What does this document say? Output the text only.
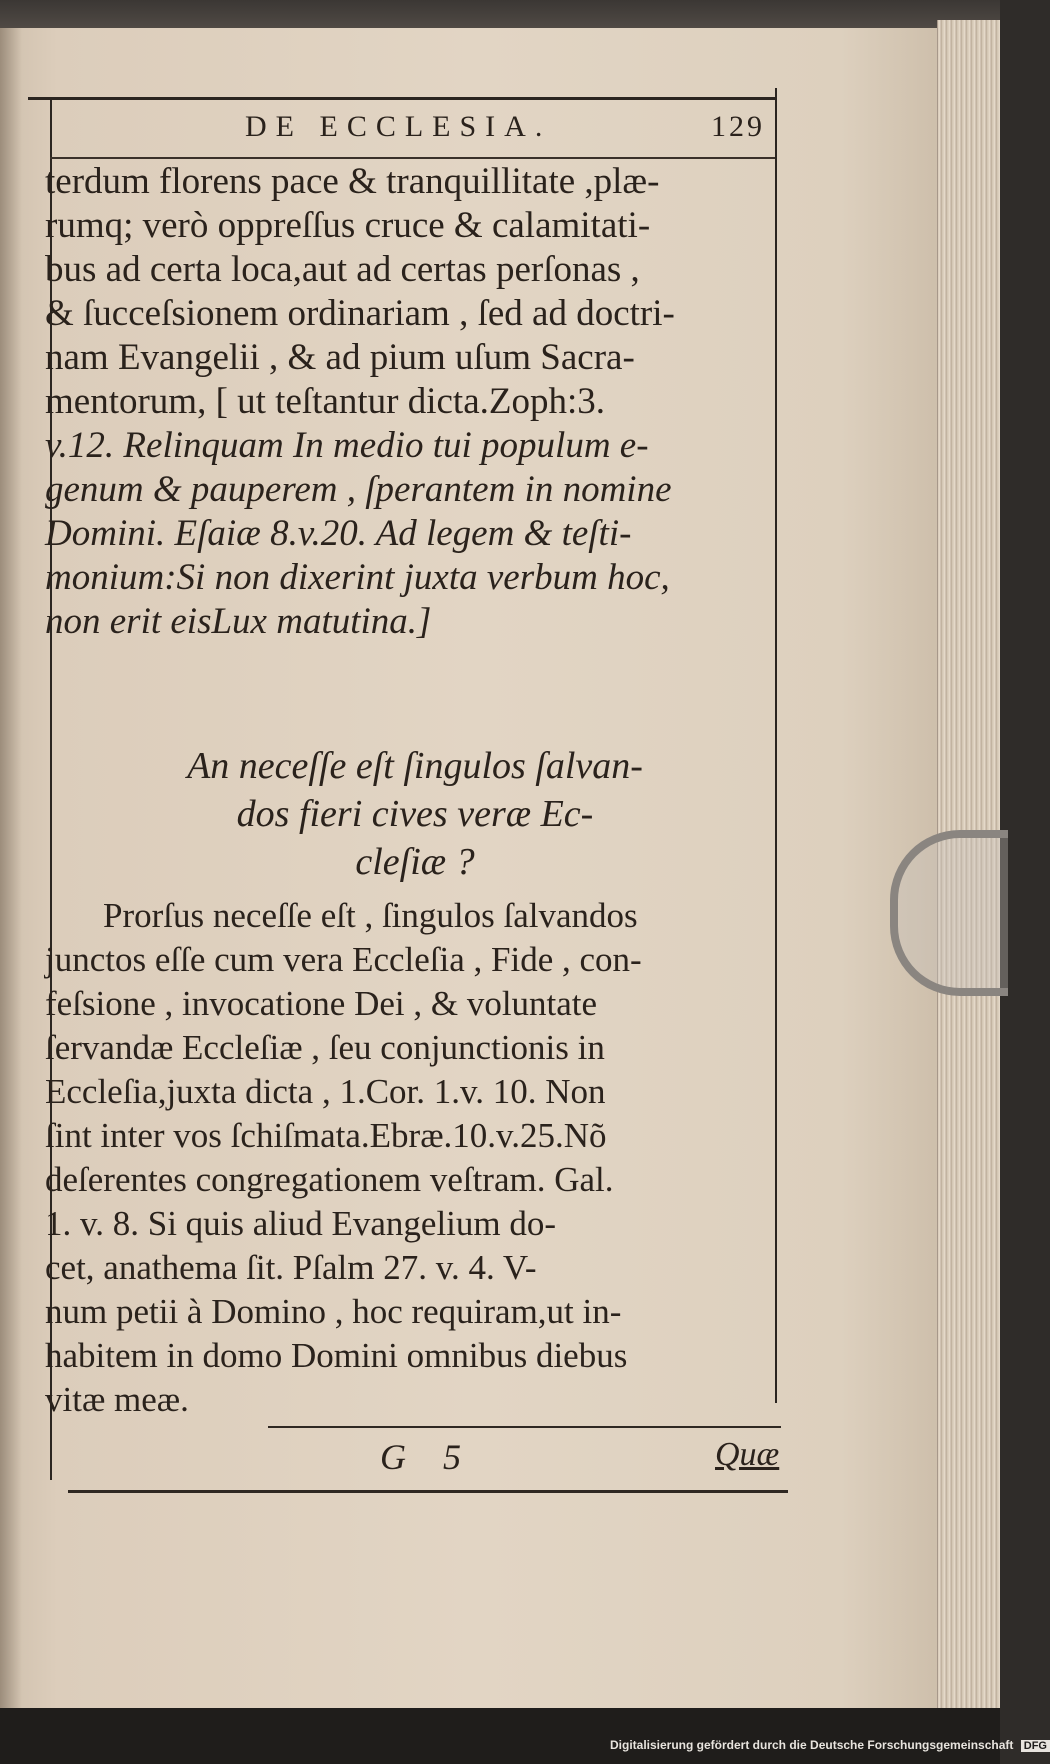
DE ECCLESIA.	129
terdum florens pace & tranquillitate ,plæ-
rumq; verò oppreſſus cruce & calamitati-
bus ad certa loca,aut ad certas perſonas ,
& ſucceſsionem ordinariam , ſed ad doctri-
nam Evangelii , & ad pium uſum Sacra-
mentorum, [ ut teſtantur dicta.Zoph:3.
v.12. Relinquam In medio tui populum e-
genum & pauperem , ſperantem in nomine
Domini. Eſaiæ 8.v.20. Ad legem & teſti-
monium:Si non dixerint juxta verbum hoc,
non erit eisLux matutina.]
An neceſſe eſt ſingulos ſalvan-
dos fieri cives veræ Ec-
cleſiæ ?
Prorſus neceſſe eſt , ſingulos ſalvandos
junctos eſſe cum vera Eccleſia , Fide , con-
feſsione , invocatione Dei , & voluntate
ſervandæ Eccleſiæ , ſeu conjunctionis in
Eccleſia,juxta dicta , 1.Cor. 1.v. 10. Non
ſint inter vos ſchiſmata.Ebræ.10.v.25.Nõ
deſerentes congregationem veſtram. Gal.
1. v. 8. Si quis aliud Evangelium do-
cet, anathema ſit. Pſalm 27. v. 4. V-
num petii à Domino , hoc requiram,ut in-
habitem in domo Domini omnibus diebus
vitæ meæ.
G 5	Quæ
Digitalisierung gefördert durch die Deutsche Forschungsgemeinschaft DFG
